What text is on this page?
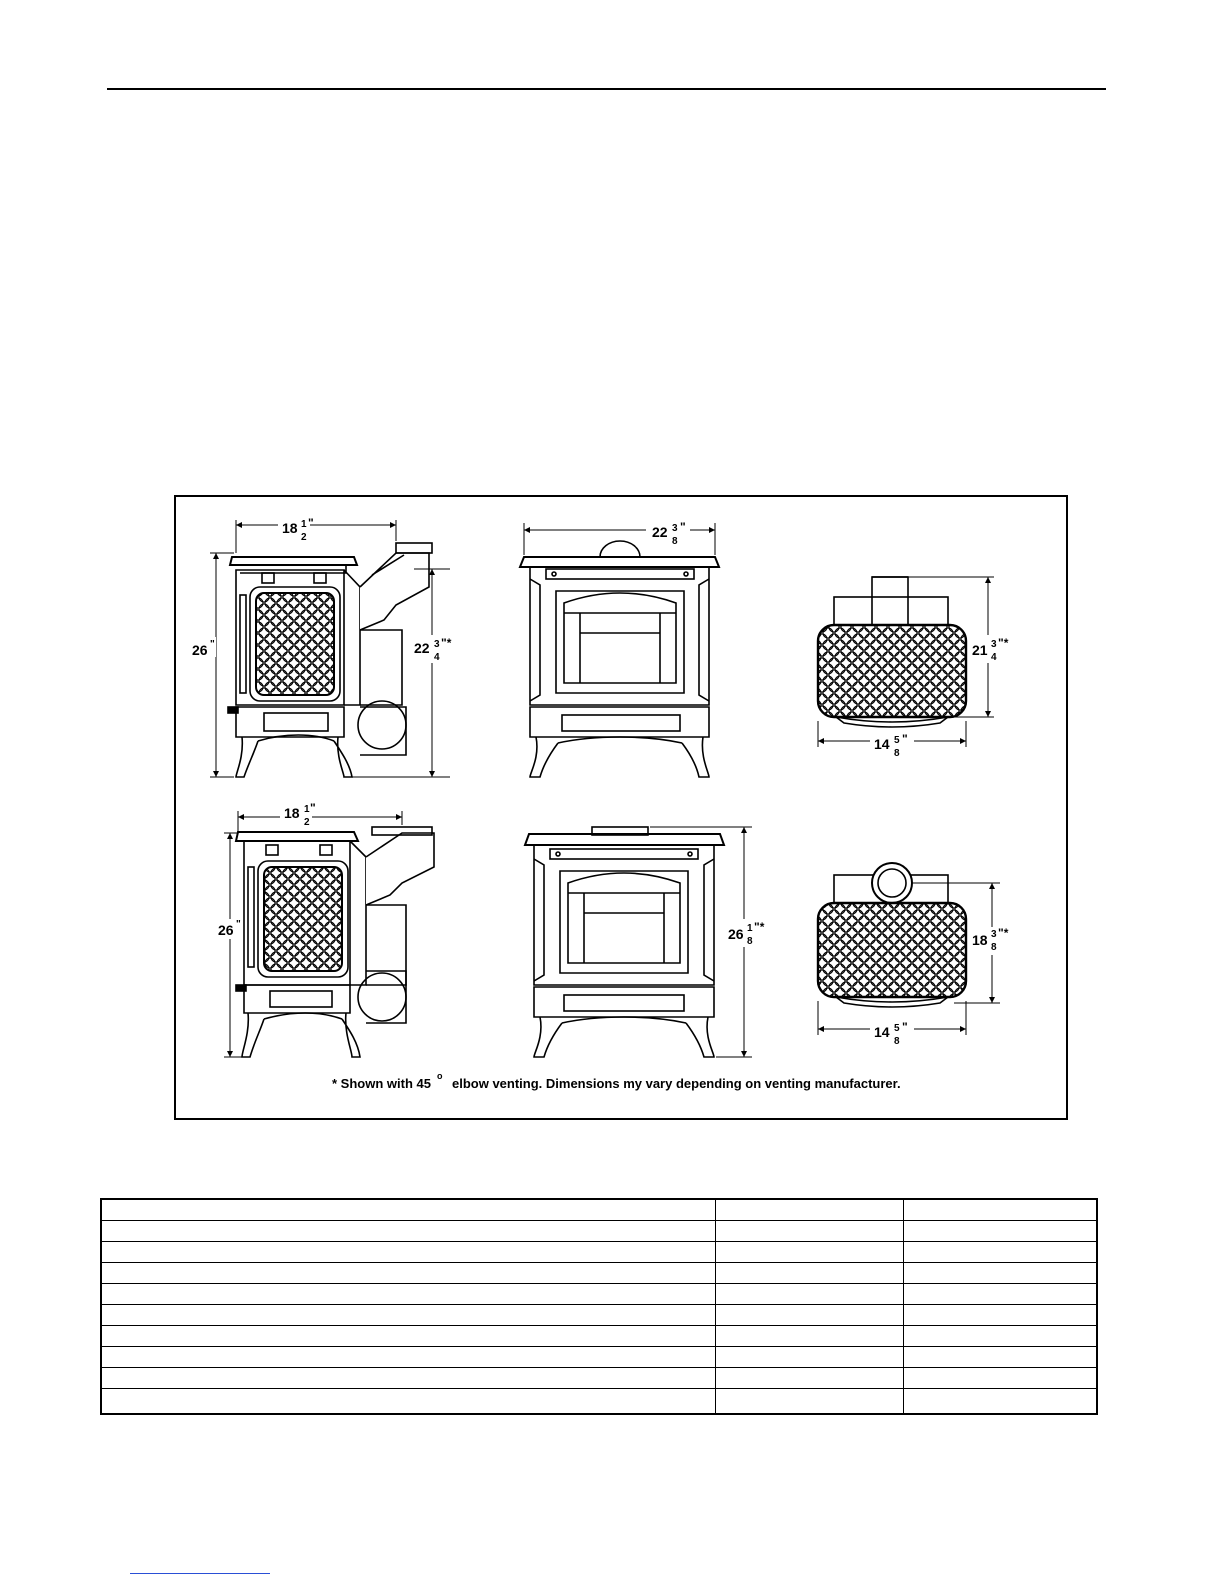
18 1
2
"
26 "	22 3
4
"*
22 3
8
"
21 3
4
"*
14 5
8
"
18 1
2
"
26 "
26 1
8
"*
18 3
8
"*
14 5
8
"
* Shown with 45 o elbow venting. Dimensions my vary depending on venting manufacturer.
